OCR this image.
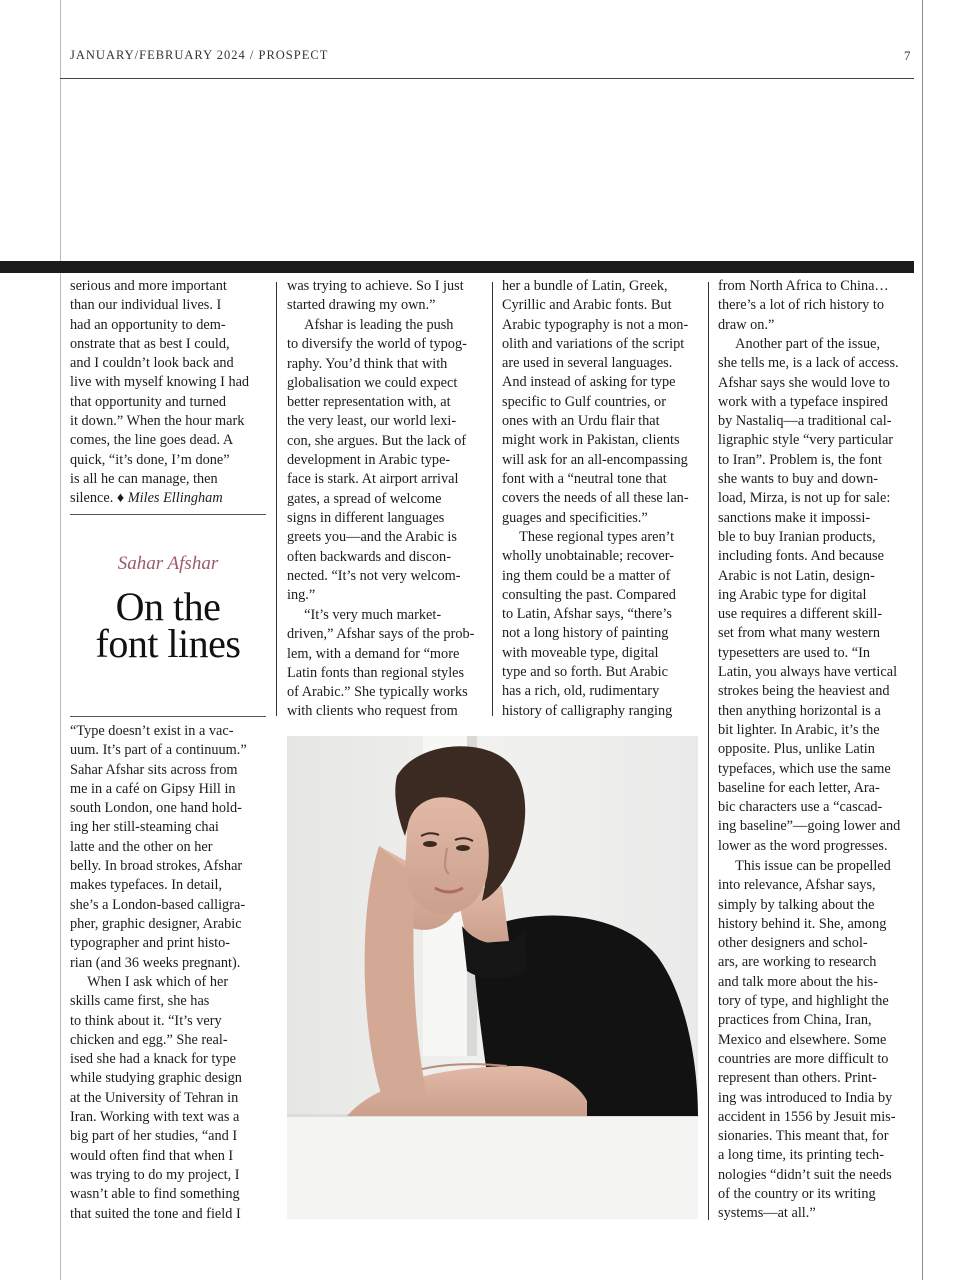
JANUARY/FEBRUARY 2024 / PROSPECT	7

serious and more important
than our individual lives. I
had an opportunity to dem-
onstrate that as best I could,
and I couldn’t look back and
live with myself knowing I had
that opportunity and turned
it down.” When the hour mark
comes, the line goes dead. A
quick, “it’s done, I’m done”
is all he can manage, then
silence. ♦ Miles Ellingham

Sahar Afshar
On the
font lines

“Type doesn’t exist in a vac-
uum. It’s part of a continuum.”
Sahar Afshar sits across from
me in a café on Gipsy Hill in
south London, one hand hold-
ing her still-steaming chai
latte and the other on her
belly. In broad strokes, Afshar
makes typefaces. In detail,
she’s a London-based calligra-
pher, graphic designer, Arabic
typographer and print histo-
rian (and 36 weeks pregnant).

When I ask which of her
skills came first, she has
to think about it. “It’s very
chicken and egg.” She real-
ised she had a knack for type
while studying graphic design
at the University of Tehran in
Iran. Working with text was a
big part of her studies, “and I
would often find that when I
was trying to do my project, I
wasn’t able to find something
that suited the tone and field I

was trying to achieve. So I just
started drawing my own.”

Afshar is leading the push
to diversify the world of typog-
raphy. You’d think that with
globalisation we could expect
better representation with, at
the very least, our world lexi-
con, she argues. But the lack of
development in Arabic type-
face is stark. At airport arrival
gates, a spread of welcome
signs in different languages
greets you—and the Arabic is
often backwards and discon-
nected. “It’s not very welcom-
ing.”

“It’s very much market-
driven,” Afshar says of the prob-
lem, with a demand for “more
Latin fonts than regional styles
of Arabic.” She typically works
with clients who request from

her a bundle of Latin, Greek,
Cyrillic and Arabic fonts. But
Arabic typography is not a mon-
olith and variations of the script
are used in several languages.
And instead of asking for type
specific to Gulf countries, or
ones with an Urdu flair that
might work in Pakistan, clients
will ask for an all-encompassing
font with a “neutral tone that
covers the needs of all these lan-
guages and specificities.”

These regional types aren’t
wholly unobtainable; recover-
ing them could be a matter of
consulting the past. Compared
to Latin, Afshar says, “there’s
not a long history of painting
with moveable type, digital
type and so forth. But Arabic
has a rich, old, rudimentary
history of calligraphy ranging

from North Africa to China…
there’s a lot of rich history to
draw on.”

Another part of the issue,
she tells me, is a lack of access.
Afshar says she would love to
work with a typeface inspired
by Nastaliq—a traditional cal-
ligraphic style “very particular
to Iran”. Problem is, the font
she wants to buy and down-
load, Mirza, is not up for sale:
sanctions make it impossi-
ble to buy Iranian products,
including fonts. And because
Arabic is not Latin, design-
ing Arabic type for digital
use requires a different skill-
set from what many western
typesetters are used to. “In
Latin, you always have vertical
strokes being the heaviest and
then anything horizontal is a
bit lighter. In Arabic, it’s the
opposite. Plus, unlike Latin
typefaces, which use the same
baseline for each letter, Ara-
bic characters use a “cascad-
ing baseline”—going lower and
lower as the word progresses.

This issue can be propelled
into relevance, Afshar says,
simply by talking about the
history behind it. She, among
other designers and schol-
ars, are working to research
and talk more about the his-
tory of type, and highlight the
practices from China, Iran,
Mexico and elsewhere. Some
countries are more difficult to
represent than others. Print-
ing was introduced to India by
accident in 1556 by Jesuit mis-
sionaries. This meant that, for
a long time, its printing tech-
nologies “didn’t suit the needs
of the country or its writing
systems—at all.”
